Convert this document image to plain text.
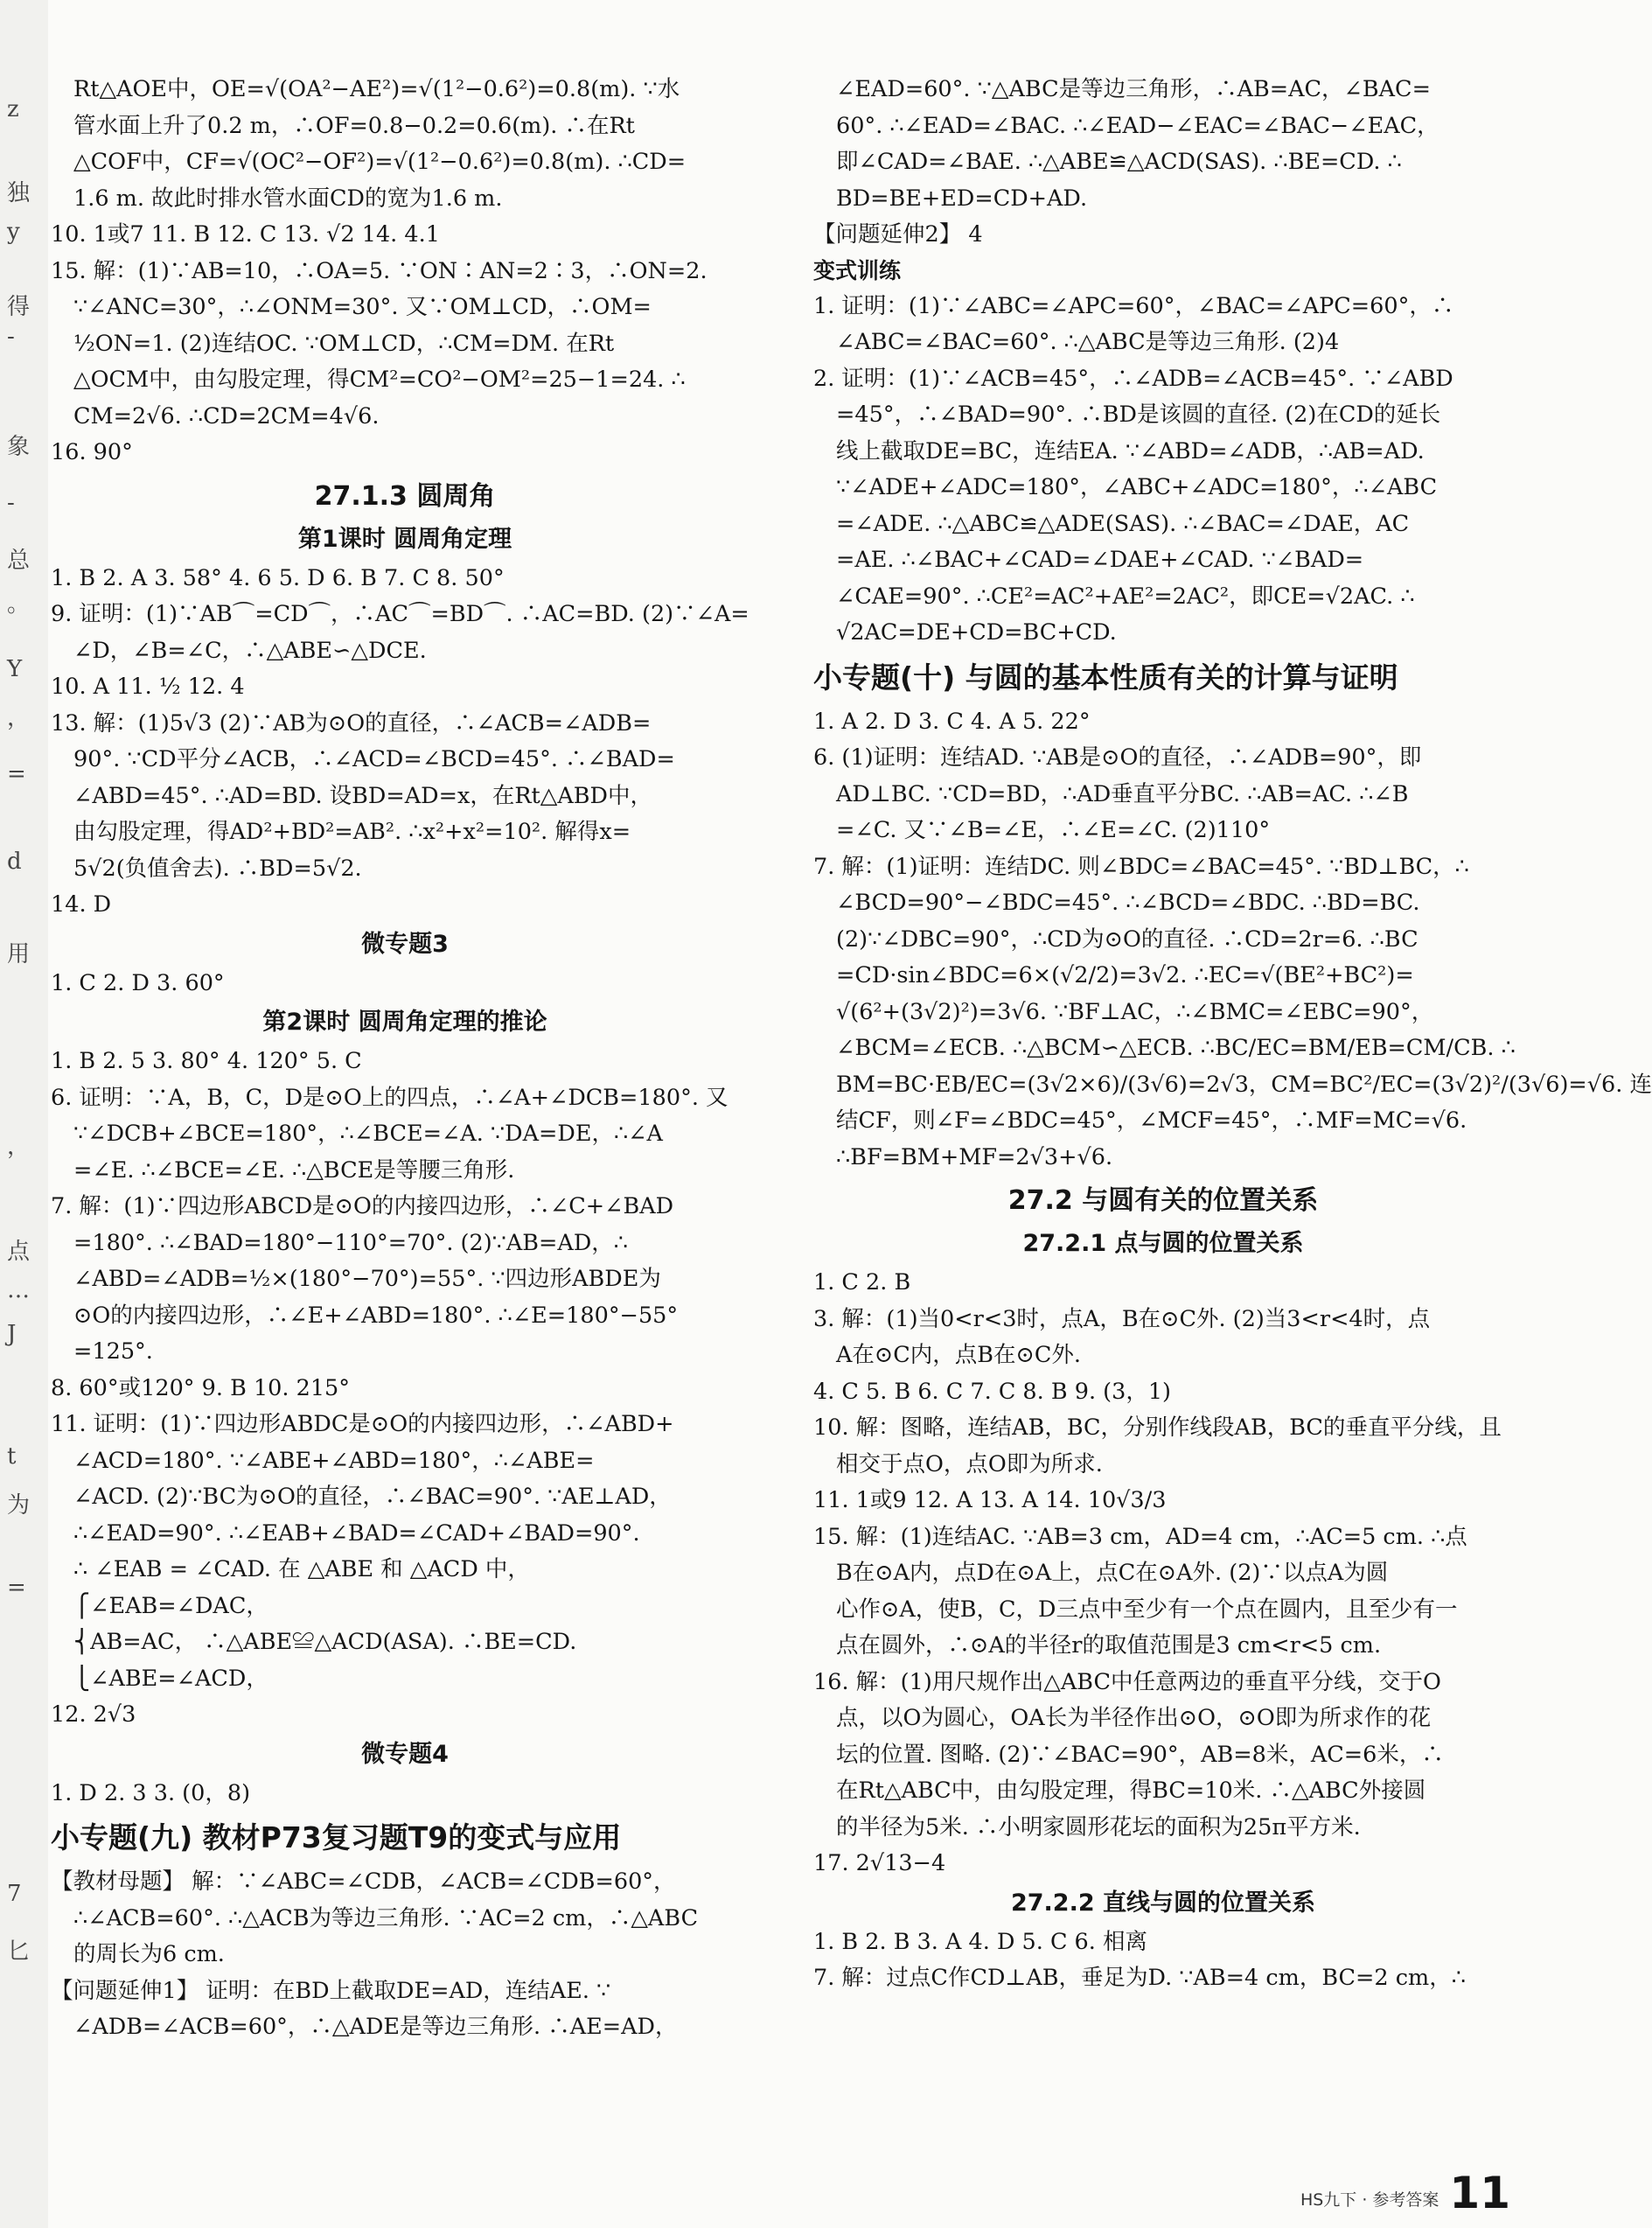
z
独
y
得
-
象
-
总
。
Y
，
=
d
用
，
点
…
J
t
为
=
7
匕
Rt△AOE中，OE=√(OA²−AE²)=√(1²−0.6²)=0.8(m). ∵水
管水面上升了0.2 m，∴OF=0.8−0.2=0.6(m). ∴在Rt
△COF中，CF=√(OC²−OF²)=√(1²−0.6²)=0.8(m). ∴CD=
1.6 m. 故此时排水管水面CD的宽为1.6 m.
10. 1或7 11. B 12. C 13. √2 14. 4.1
15. 解：(1)∵AB=10，∴OA=5. ∵ON∶AN=2∶3，∴ON=2.
∵∠ANC=30°，∴∠ONM=30°. 又∵OM⊥CD，∴OM=
½ON=1. (2)连结OC. ∵OM⊥CD，∴CM=DM. 在Rt
△OCM中，由勾股定理，得CM²=CO²−OM²=25−1=24. ∴
CM=2√6. ∴CD=2CM=4√6.
16. 90°
27.1.3 圆周角
第1课时 圆周角定理
1. B 2. A 3. 58° 4. 6 5. D 6. B 7. C 8. 50°
9. 证明：(1)∵AB⌒=CD⌒，∴AC⌒=BD⌒. ∴AC=BD. (2)∵∠A=
∠D，∠B=∠C，∴△ABE∽△DCE.
10. A 11. ½ 12. 4
13. 解：(1)5√3 (2)∵AB为⊙O的直径，∴∠ACB=∠ADB=
90°. ∵CD平分∠ACB，∴∠ACD=∠BCD=45°. ∴∠BAD=
∠ABD=45°. ∴AD=BD. 设BD=AD=x，在Rt△ABD中，
由勾股定理，得AD²+BD²=AB². ∴x²+x²=10². 解得x=
5√2(负值舍去). ∴BD=5√2.
14. D
微专题3
1. C 2. D 3. 60°
第2课时 圆周角定理的推论
1. B 2. 5 3. 80° 4. 120° 5. C
6. 证明：∵A，B，C，D是⊙O上的四点，∴∠A+∠DCB=180°. 又
∵∠DCB+∠BCE=180°，∴∠BCE=∠A. ∵DA=DE，∴∠A
=∠E. ∴∠BCE=∠E. ∴△BCE是等腰三角形.
7. 解：(1)∵四边形ABCD是⊙O的内接四边形，∴∠C+∠BAD
=180°. ∴∠BAD=180°−110°=70°. (2)∵AB=AD，∴
∠ABD=∠ADB=½×(180°−70°)=55°. ∵四边形ABDE为
⊙O的内接四边形，∴∠E+∠ABD=180°. ∴∠E=180°−55°
=125°.
8. 60°或120° 9. B 10. 215°
11. 证明：(1)∵四边形ABDC是⊙O的内接四边形，∴∠ABD+
∠ACD=180°. ∵∠ABE+∠ABD=180°，∴∠ABE=
∠ACD. (2)∵BC为⊙O的直径，∴∠BAC=90°. ∵AE⊥AD，
∴∠EAD=90°. ∴∠EAB+∠BAD=∠CAD+∠BAD=90°.
∴ ∠EAB = ∠CAD. 在 △ABE 和 △ACD 中，
⎧∠EAB=∠DAC，
⎨AB=AC， ∴△ABE≌△ACD(ASA). ∴BE=CD.
⎩∠ABE=∠ACD，
12. 2√3
微专题4
1. D 2. 3 3. (0，8)
小专题(九) 教材P73复习题T9的变式与应用
【教材母题】 解：∵∠ABC=∠CDB，∠ACB=∠CDB=60°，
∴∠ACB=60°. ∴△ACB为等边三角形. ∵AC=2 cm，∴△ABC
的周长为6 cm.
【问题延伸1】 证明：在BD上截取DE=AD，连结AE. ∵
∠ADB=∠ACB=60°，∴△ADE是等边三角形. ∴AE=AD，
∠EAD=60°. ∵△ABC是等边三角形，∴AB=AC，∠BAC=
60°. ∴∠EAD=∠BAC. ∴∠EAD−∠EAC=∠BAC−∠EAC，
即∠CAD=∠BAE. ∴△ABE≌△ACD(SAS). ∴BE=CD. ∴
BD=BE+ED=CD+AD.
【问题延伸2】 4
变式训练
1. 证明：(1)∵∠ABC=∠APC=60°，∠BAC=∠APC=60°，∴
∠ABC=∠BAC=60°. ∴△ABC是等边三角形. (2)4
2. 证明：(1)∵∠ACB=45°，∴∠ADB=∠ACB=45°. ∵∠ABD
=45°，∴∠BAD=90°. ∴BD是该圆的直径. (2)在CD的延长
线上截取DE=BC，连结EA. ∵∠ABD=∠ADB，∴AB=AD.
∵∠ADE+∠ADC=180°，∠ABC+∠ADC=180°，∴∠ABC
=∠ADE. ∴△ABC≌△ADE(SAS). ∴∠BAC=∠DAE，AC
=AE. ∴∠BAC+∠CAD=∠DAE+∠CAD. ∵∠BAD=
∠CAE=90°. ∴CE²=AC²+AE²=2AC²，即CE=√2AC. ∴
√2AC=DE+CD=BC+CD.
小专题(十) 与圆的基本性质有关的计算与证明
1. A 2. D 3. C 4. A 5. 22°
6. (1)证明：连结AD. ∵AB是⊙O的直径，∴∠ADB=90°，即
AD⊥BC. ∵CD=BD，∴AD垂直平分BC. ∴AB=AC. ∴∠B
=∠C. 又∵∠B=∠E，∴∠E=∠C. (2)110°
7. 解：(1)证明：连结DC. 则∠BDC=∠BAC=45°. ∵BD⊥BC，∴
∠BCD=90°−∠BDC=45°. ∴∠BCD=∠BDC. ∴BD=BC.
(2)∵∠DBC=90°，∴CD为⊙O的直径. ∴CD=2r=6. ∴BC
=CD·sin∠BDC=6×(√2/2)=3√2. ∴EC=√(BE²+BC²)=
√(6²+(3√2)²)=3√6. ∵BF⊥AC，∴∠BMC=∠EBC=90°，
∠BCM=∠ECB. ∴△BCM∽△ECB. ∴BC/EC=BM/EB=CM/CB. ∴
BM=BC·EB/EC=(3√2×6)/(3√6)=2√3，CM=BC²/EC=(3√2)²/(3√6)=√6. 连
结CF，则∠F=∠BDC=45°，∠MCF=45°，∴MF=MC=√6.
∴BF=BM+MF=2√3+√6.
27.2 与圆有关的位置关系
27.2.1 点与圆的位置关系
1. C 2. B
3. 解：(1)当0<r<3时，点A，B在⊙C外. (2)当3<r<4时，点
A在⊙C内，点B在⊙C外.
4. C 5. B 6. C 7. C 8. B 9. (3，1)
10. 解：图略，连结AB，BC，分别作线段AB，BC的垂直平分线，且
相交于点O，点O即为所求.
11. 1或9 12. A 13. A 14. 10√3/3
15. 解：(1)连结AC. ∵AB=3 cm，AD=4 cm，∴AC=5 cm. ∴点
B在⊙A内，点D在⊙A上，点C在⊙A外. (2)∵以点A为圆
心作⊙A，使B，C，D三点中至少有一个点在圆内，且至少有一
点在圆外，∴⊙A的半径r的取值范围是3 cm<r<5 cm.
16. 解：(1)用尺规作出△ABC中任意两边的垂直平分线，交于O
点，以O为圆心，OA长为半径作出⊙O，⊙O即为所求作的花
坛的位置. 图略. (2)∵∠BAC=90°，AB=8米，AC=6米，∴
在Rt△ABC中，由勾股定理，得BC=10米. ∴△ABC外接圆
的半径为5米. ∴小明家圆形花坛的面积为25π平方米.
17. 2√13−4
27.2.2 直线与圆的位置关系
1. B 2. B 3. A 4. D 5. C 6. 相离
7. 解：过点C作CD⊥AB，垂足为D. ∵AB=4 cm，BC=2 cm，∴
HS九下 · 参考答案 11
